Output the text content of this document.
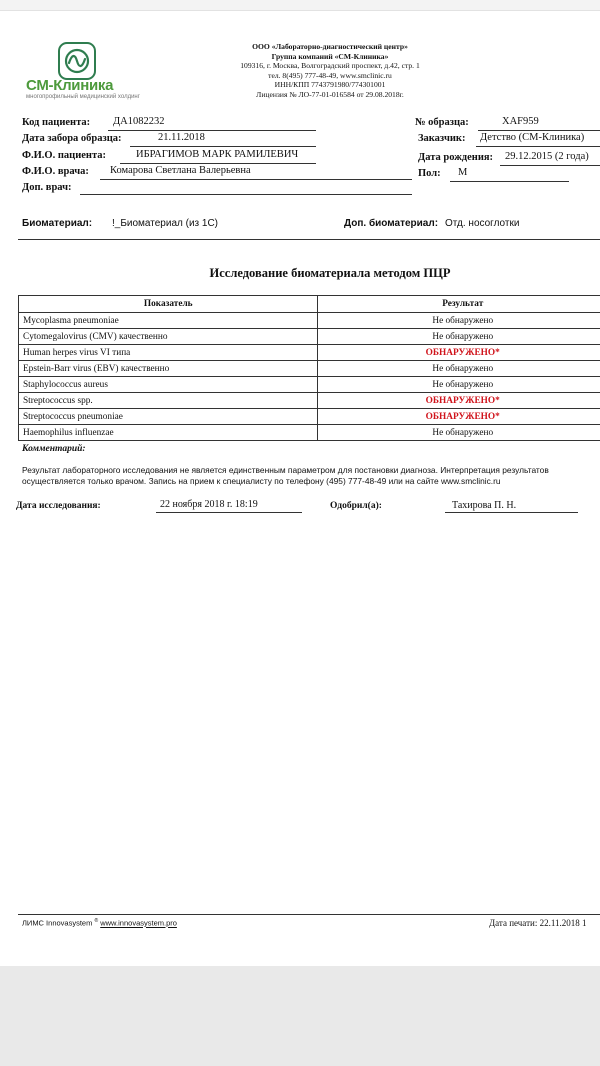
СМ-Клиника
многопрофильный медицинский холдинг
ООО «Лабораторно-диагностический центр»
Группа компаний «СМ-Клиника»
109316, г. Москва, Волгоградский проспект, д.42, стр. 1
тел. 8(495) 777-48-49, www.smclinic.ru
ИНН/КПП 7743791980/774301001
Лицензия № ЛО-77-01-016584 от 29.08.2018г.
Код пациента: ДА1082232
Дата забора образца:	21.11.2018
Ф.И.О. пациента:	ИБРАГИМОВ МАРК РАМИЛЕВИЧ
Ф.И.О. врача: Комарова Светлана Валерьевна
Доп. врач:
№ образца:	ХАF959
Заказчик: Детство (СМ-Клиника)
Дата рождения: 29.12.2015 (2 года)
Пол: М
Биоматериал: !_Биоматериал (из 1С)	Доп. биоматериал: Отд. носоглотки
Исследование биоматериала методом ПЦР
Показатель	Результат
Mycoplasma pneumoniae	Не обнаружено
Cytomegalovirus (CMV) качественно	Не обнаружено
Human herpes virus VI типа	ОБНАРУЖЕНО*
Epstein-Barr virus (EBV) качественно	Не обнаружено
Staphylococcus aureus	Не обнаружено
Streptococcus spp.	ОБНАРУЖЕНО*
Streptococcus pneumoniae	ОБНАРУЖЕНО*
Haemophilus influenzae	Не обнаружено
Комментарий:
Результат лабораторного исследования не является единственным параметром для постановки диагноза. Интерпретация результатов осуществляется только врачом. Запись на прием к специалисту по телефону (495) 777-48-49 или на сайте www.smclinic.ru
Дата исследования:	22 ноября 2018 г. 18:19	Одобрил(а):	Тахирова П. Н.
ЛИМС Innovasystem ® www.innovasystem.pro	Дата печати: 22.11.2018 1
